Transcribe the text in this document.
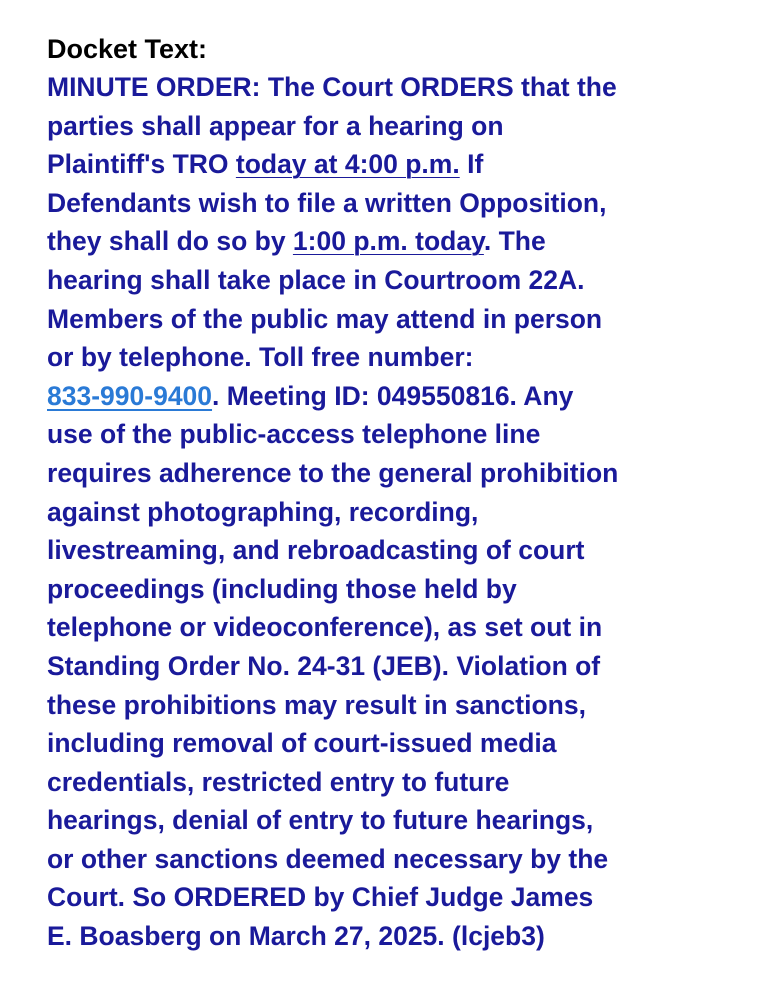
Docket Text:
MINUTE ORDER: The Court ORDERS that the
parties shall appear for a hearing on
Plaintiff's TRO today at 4:00 p.m. If
Defendants wish to file a written Opposition,
they shall do so by 1:00 p.m. today. The
hearing shall take place in Courtroom 22A.
Members of the public may attend in person
or by telephone. Toll free number:
833-990-9400. Meeting ID: 049550816. Any
use of the public-access telephone line
requires adherence to the general prohibition
against photographing, recording,
livestreaming, and rebroadcasting of court
proceedings (including those held by
telephone or videoconference), as set out in
Standing Order No. 24-31 (JEB). Violation of
these prohibitions may result in sanctions,
including removal of court-issued media
credentials, restricted entry to future
hearings, denial of entry to future hearings,
or other sanctions deemed necessary by the
Court. So ORDERED by Chief Judge James
E. Boasberg on March 27, 2025. (lcjeb3)
